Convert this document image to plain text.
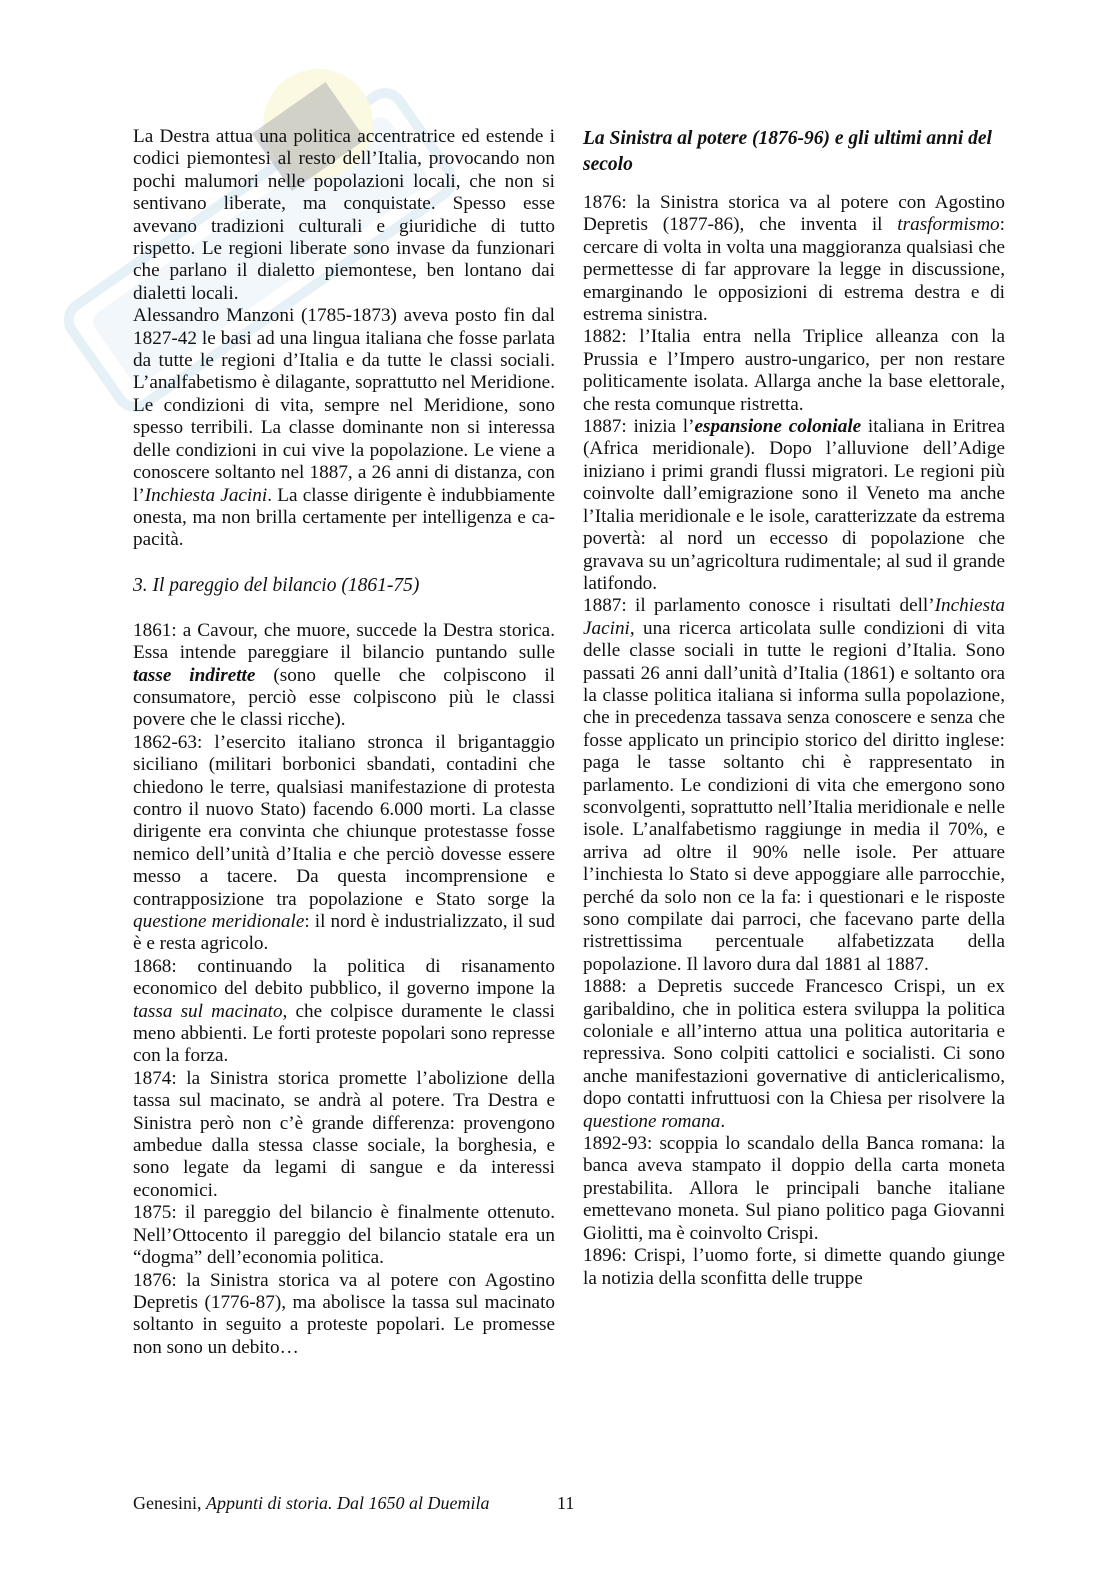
La Destra attua una politica accentratrice ed estende i codici piemontesi al resto dell’Italia, provocando non pochi malumori nelle popolazioni locali, che non si sentivano liberate, ma conquistate. Spesso esse avevano tradizioni culturali e giuridiche di tutto rispetto. Le regioni liberate sono invase da funzionari che parlano il dialetto piemontese, ben lontano dai dialetti locali.

Alessandro Manzoni (1785-1873) aveva posto fin dal 1827-42 le basi ad una lingua italiana che fosse parlata da tutte le regioni d’Italia e da tutte le classi sociali. L’analfabetismo è dilagante, soprattutto nel Meridione. Le condizioni di vita, sempre nel Meridione, sono spesso terribili. La classe dominante non si interessa delle condizioni in cui vive la popolazione. Le viene a conoscere soltanto nel 1887, a 26 anni di distanza, con l’Inchiesta Jacini. La classe dirigente è indubbiamente onesta, ma non brilla certamente per intelligenza e capacità.

3. Il pareggio del bilancio (1861-75)

1861: a Cavour, che muore, succede la Destra storica. Essa intende pareggiare il bilancio puntando sulle tasse indirette (sono quelle che colpiscono il consumatore, perciò esse colpiscono più le classi povere che le classi ricche).

1862-63: l’esercito italiano stronca il brigantaggio siciliano (militari borbonici sbandati, contadini che chiedono le terre, qualsiasi manifestazione di protesta contro il nuovo Stato) facendo 6.000 morti. La classe dirigente era convinta che chiunque protestasse fosse nemico dell’unità d’Italia e che perciò dovesse essere messo a tacere. Da questa incomprensione e contrapposizione tra popolazione e Stato sorge la questione meridionale: il nord è industrializzato, il sud è e resta agricolo.

1868: continuando la politica di risanamento economico del debito pubblico, il governo impone la tassa sul macinato, che colpisce duramente le classi meno abbienti. Le forti proteste popolari sono represse con la forza.

1874: la Sinistra storica promette l’abolizione della tassa sul macinato, se andrà al potere. Tra Destra e Sinistra però non c’è grande differenza: provengono ambedue dalla stessa classe sociale, la borghesia, e sono legate da legami di sangue e da interessi economici.

1875: il pareggio del bilancio è finalmente ottenuto. Nell’Ottocento il pareggio del bilancio statale era un “dogma” dell’economia politica.

1876: la Sinistra storica va al potere con Agostino Depretis (1776-87), ma abolisce la tassa sul macinato soltanto in seguito a proteste popolari. Le promesse non sono un debito…

La Sinistra al potere (1876-96) e gli ultimi anni del secolo

1876: la Sinistra storica va al potere con Agostino Depretis (1877-86), che inventa il trasformismo: cercare di volta in volta una maggioranza qualsiasi che permettesse di far approvare la legge in discussione, emarginando le opposizioni di estrema destra e di estrema sinistra.

1882: l’Italia entra nella Triplice alleanza con la Prussia e l’Impero austro-ungarico, per non restare politicamente isolata. Allarga anche la base elettorale, che resta comunque ristretta.

1887: inizia l’espansione coloniale italiana in Eritrea (Africa meridionale). Dopo l’alluvione dell’Adige iniziano i primi grandi flussi migratori. Le regioni più coinvolte dall’emigrazione sono il Veneto ma anche l’Italia meridionale e le isole, caratterizzate da estrema povertà: al nord un eccesso di popolazione che gravava su un’agricoltura rudimentale; al sud il grande latifondo.

1887: il parlamento conosce i risultati dell’Inchiesta Jacini, una ricerca articolata sulle condizioni di vita delle classe sociali in tutte le regioni d’Italia. Sono passati 26 anni dall’unità d’Italia (1861) e soltanto ora la classe politica italiana si informa sulla popolazione, che in precedenza tassava senza conoscere e senza che fosse applicato un principio storico del diritto inglese: paga le tasse soltanto chi è rappresentato in parlamento. Le condizioni di vita che emergono sono sconvolgenti, soprattutto nell’Italia meridionale e nelle isole. L’analfabetismo raggiunge in media il 70%, e arriva ad oltre il 90% nelle isole. Per attuare l’inchiesta lo Stato si deve appoggiare alle parrocchie, perché da solo non ce la fa: i questionari e le risposte sono compilate dai parroci, che facevano parte della ristrettissima percentuale alfabetizzata della popolazione. Il lavoro dura dal 1881 al 1887.

1888: a Depretis succede Francesco Crispi, un ex garibaldino, che in politica estera sviluppa la politica coloniale e all’interno attua una politica autoritaria e repressiva. Sono colpiti cattolici e socialisti. Ci sono anche manifestazioni governative di anticlericalismo, dopo contatti infruttuosi con la Chiesa per risolvere la questione romana.

1892-93: scoppia lo scandalo della Banca romana: la banca aveva stampato il doppio della carta moneta prestabilita. Allora le principali banche italiane emettevano moneta. Sul piano politico paga Giovanni Giolitti, ma è coinvolto Crispi.

1896: Crispi, l’uomo forte, si dimette quando giunge la notizia della sconfitta delle truppe

Genesini, Appunti di storia. Dal 1650 al Duemila	11
